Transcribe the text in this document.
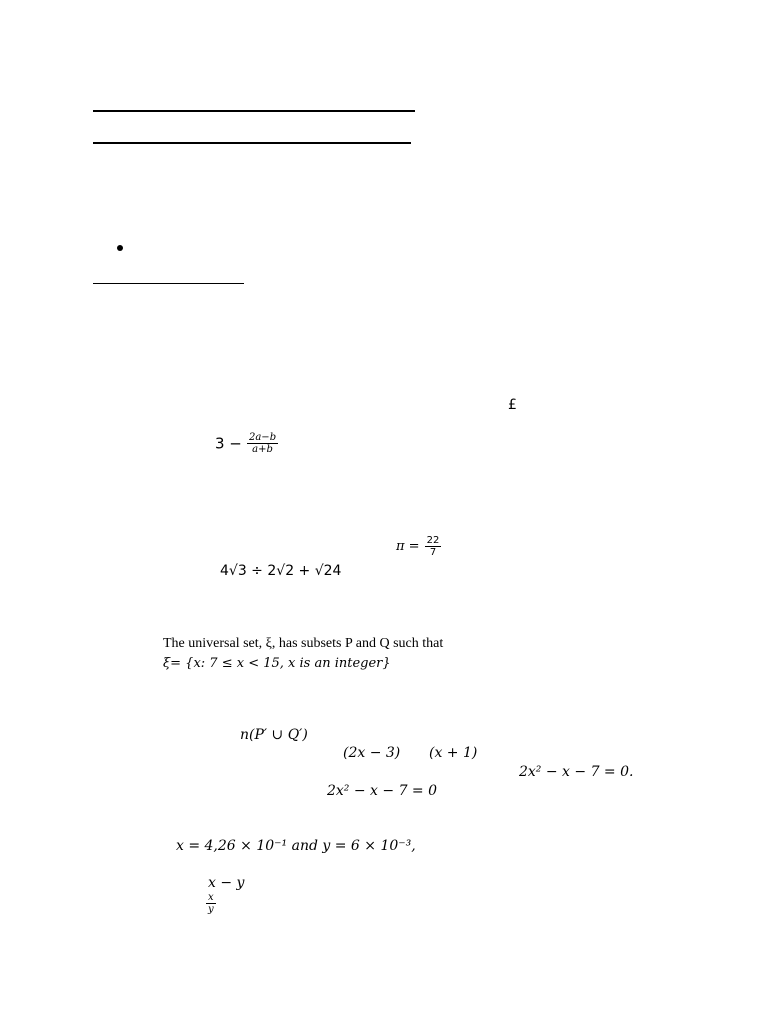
£
$3 - \frac{2a-b}{a+b}$
$\pi = \frac{22}{7}$
4√3 ÷ 2√2 + √24
The universal set, ξ, has subsets P and Q such that
ξ= {x: 7 ≤ x < 15, x is an integer}
n(P′ ∪ Q′)
(2x − 3) (x + 1)
2x² − x − 7 = 0.
2x² − x − 7 = 0
x = 4,26 × 10⁻¹ and y = 6 × 10⁻³,
x − y
$\frac{x}{y}$
